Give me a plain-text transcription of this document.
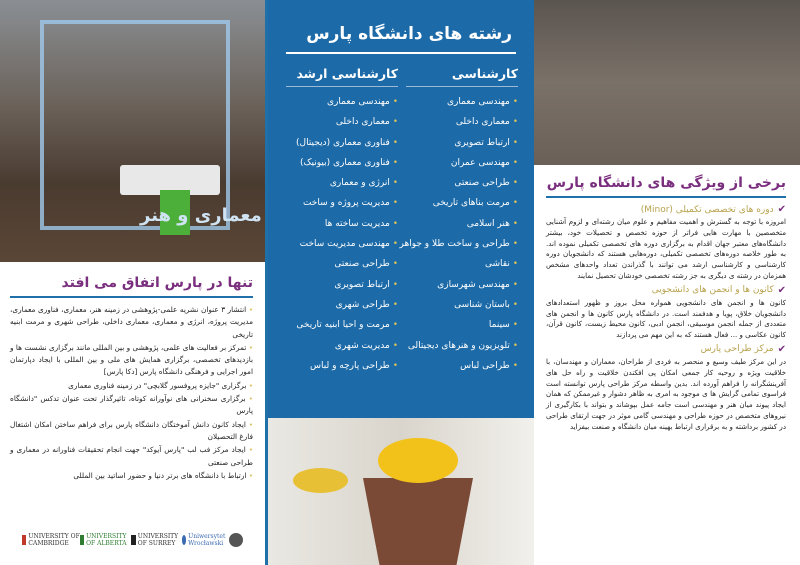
معماری و هنر
تنها در پارس اتفاق می افتد
• انتشار ۳ عنوان نشریه علمی-پژوهشی در زمینه هنر، معماری، فناوری معماری، مدیریت پروژه، انرژی و معماری، معماری داخلی، طراحی شهری و مرمت ابنیه تاریخی
• تمرکز بر فعالیت های علمی، پژوهشی و بین المللی مانند برگزاری نشست ها و بازدیدهای تخصصی، برگزاری همایش های ملی و بین المللی با ایجاد دپارتمان امور اجرایی و فرهنگی دانشگاه پارس [دکا پارس]
• برگزاری "جایزه پروفسور گلابچی" در زمینه فناوری معماری
• برگزاری سخنرانی های نوآورانه کوتاه، تاثیرگذار تحت عنوان تدکس "دانشگاه پارس
• ایجاد کانون دانش آموختگان دانشگاه پارس برای فراهم ساختن امکان اشتغال فارغ التحصیلان
• ایجاد مرکز فب لب "پارس آیوکد" جهت انجام تحقیقات فناورانه در معماری و طراحی صنعتی
• ارتباط با دانشگاه های برتر دنیا و حضور اساتید بین المللی
UNIVERSITY OF CAMBRIDGE
UNIVERSITY OF ALBERTA
UNIVERSITY OF SURREY
Uniwersytet Wrocławski
رشته های دانشگاه پارس
کارشناسی
• مهندسی معماری
• معماری داخلی
• ارتباط تصویری
• مهندسی عمران
• طراحی صنعتی
• مرمت بناهای تاریخی
• هنر اسلامی
• طراحی و ساخت طلا و جواهر
• نقاشی
• مهندسی شهرسازی
• باستان شناسی
• سینما
• تلویزیون و هنرهای دیجیتالی
• طراحی لباس
کارشناسی ارشد
• مهندسی معماری
• معماری داخلی
• فناوری معماری (دیجیتال)
• فناوری معماری (بیونیک)
• انرژی و معماری
• مدیریت پروژه و ساخت
• مدیریت ساخته ها
• مهندسی مدیریت ساخت
• طراحی صنعتی
• ارتباط تصویری
• طراحی شهری
• مرمت و احیا ابنیه تاریخی
• مدیریت شهری
• طراحی پارچه و لباس
برخی از ویژگی های دانشگاه پارس
✔
دوره های تخصصی تکمیلی (Minor)
امروزه با توجه به گسترش و اهمیت مفاهیم و علوم میان رشته‌ای و لزوم آشنایی متخصصین با مهارت هایی فراتر از حوزه تخصص و تحصیلات خود، بیشتر دانشگاه‌های معتبر جهان اقدام به برگزاری دوره های تخصصی تکمیلی نموده اند. به طور خلاصه دوره‌های تخصصی تکمیلی، دوره‌هایی هستند که دانشجویان دوره کارشناسی و کارشناسی ارشد می توانند با گذراندن تعداد واحدهای مشخص همزمان در رشته ی دیگری به جز رشته تخصصی خودشان تحصیل نمایند
✔
کانون ها و انجمن های دانشجویی
کانون ها و انجمن های دانشجویی همواره محل بروز و ظهور استعدادهای دانشجویان خلاق، پویا و هدفمند است. در دانشگاه پارس کانون ها و انجمن های متعددی از جمله انجمن موسیقی، انجمن ادبی، کانون محیط زیست، کانون قرآن، کانون عکاسی و ... فعال هستند که به این مهم می پردازند
✔
مرکز طراحی پارس
در این مرکز طیف وسیع و منحصر به فردی از طراحان، معماران و مهندسان، با خلاقیت ویژه و روحیه کار جمعی امکان پی افکندن خلاقیت و راه حل های آفرینشگرانه را فراهم آورده اند. بدین واسطه مرکز طراحی پارس توانسته است فراسوی تمامی گرایش ها ی موجود به امری به ظاهر دشوار و غیرممکن که همان ایجاد پیوند میان هنر و مهندسی است جامه عمل بپوشاند و بتواند با بکارگیری از نیروهای متخصص در حوزه طراحی و مهندسی گامی موثر در جهت ارتقای طراحی در کشور برداشته و به برقراری ارتباط بهینه میان دانشگاه و صنعت بیفزاید
